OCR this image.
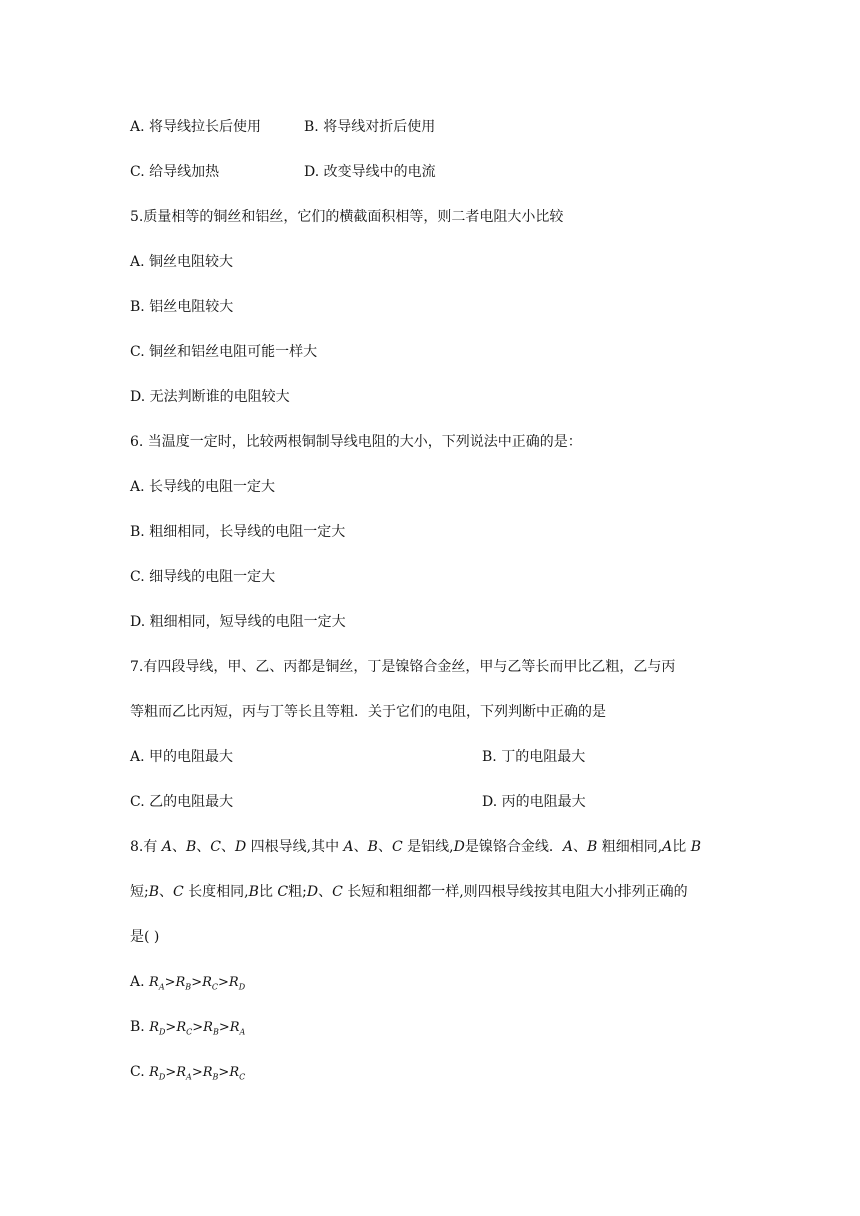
A. 将导线拉长后使用	B. 将导线对折后使用
C. 给导线加热	D. 改变导线中的电流
5.质量相等的铜丝和铝丝，它们的横截面积相等，则二者电阻大小比较
A. 铜丝电阻较大
B. 铝丝电阻较大
C. 铜丝和铝丝电阻可能一样大
D. 无法判断谁的电阻较大
6. 当温度一定时，比较两根铜制导线电阻的大小，下列说法中正确的是：
A. 长导线的电阻一定大
B. 粗细相同，长导线的电阻一定大
C. 细导线的电阻一定大
D. 粗细相同，短导线的电阻一定大
7.有四段导线，甲、乙、丙都是铜丝，丁是镍铬合金丝，甲与乙等长而甲比乙粗，乙与丙
等粗而乙比丙短，丙与丁等长且等粗．关于它们的电阻，下列判断中正确的是
A. 甲的电阻最大	B. 丁的电阻最大
C. 乙的电阻最大	D. 丙的电阻最大
8.有 A、B、C、D 四根导线,其中 A、B、C 是铝线,D是镍铬合金线．A、B 粗细相同,A比 B
短;B、C 长度相同,B比 C粗;D、C 长短和粗细都一样,则四根导线按其电阻大小排列正确的
是( )
A. $R_A>R_B>R_C>R_D$
B. $R_D>R_C>R_B>R_A$
C. $R_D>R_A>R_B>R_C$
